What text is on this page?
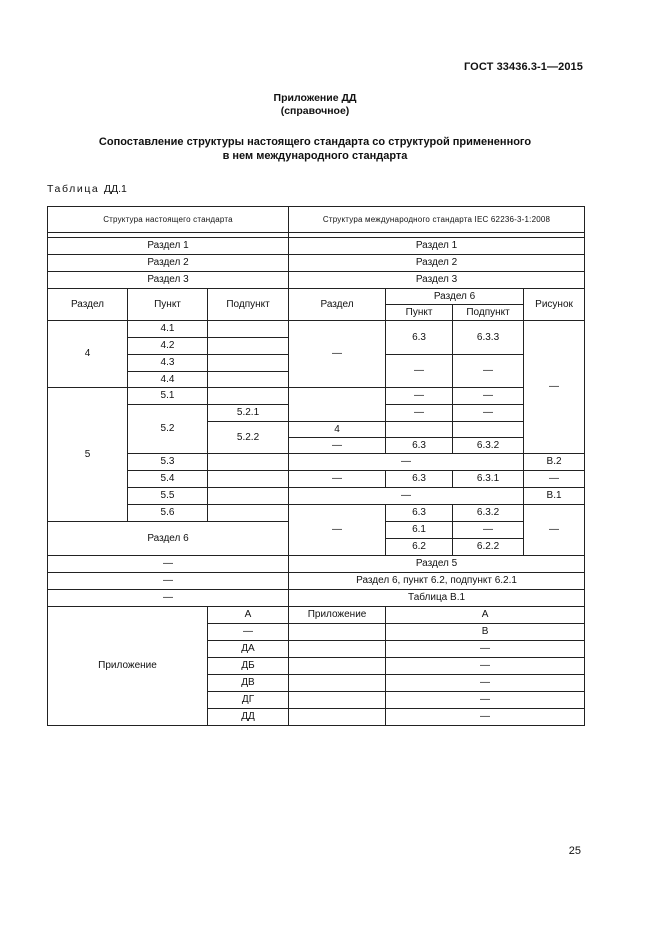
ГОСТ 33436.3-1—2015
Приложение ДД
(справочное)
Сопоставление структуры настоящего стандарта со структурой примененного
в нем международного стандарта
Таблица ДД.1
Структура настоящего стандарта			Структура международного стандарта IEC 62236-3-1:2008			

Раздел 1			Раздел 1			
Раздел 2			Раздел 2			
Раздел 3			Раздел 3			
Раздел	Пункт	Подпункт	Раздел	Раздел 6		Рисунок
				Пункт	Подпункт	
4	4.1		—	6.3	6.3.3	—
	4.2					
	4.3			—	—	
	4.4					
5	5.1			—	—	
	5.2	5.2.1		—	—	
		5.2.2	4			
			—	6.3	6.3.2	
	5.3		—			B.2
	5.4		—	6.3	6.3.1	—
	5.5		—			B.1
	5.6		—	6.3	6.3.2	—
Раздел 6				6.1	—	
				6.2	6.2.2	
—			Раздел 5			
—			Раздел 6, пункт 6.2, подпункт 6.2.1			
—			Таблица B.1			
Приложение		А	Приложение	A		
		—		B		
		ДА		—		
		ДБ		—		
		ДВ		—		
		ДГ		—		
		ДД		—		
25
